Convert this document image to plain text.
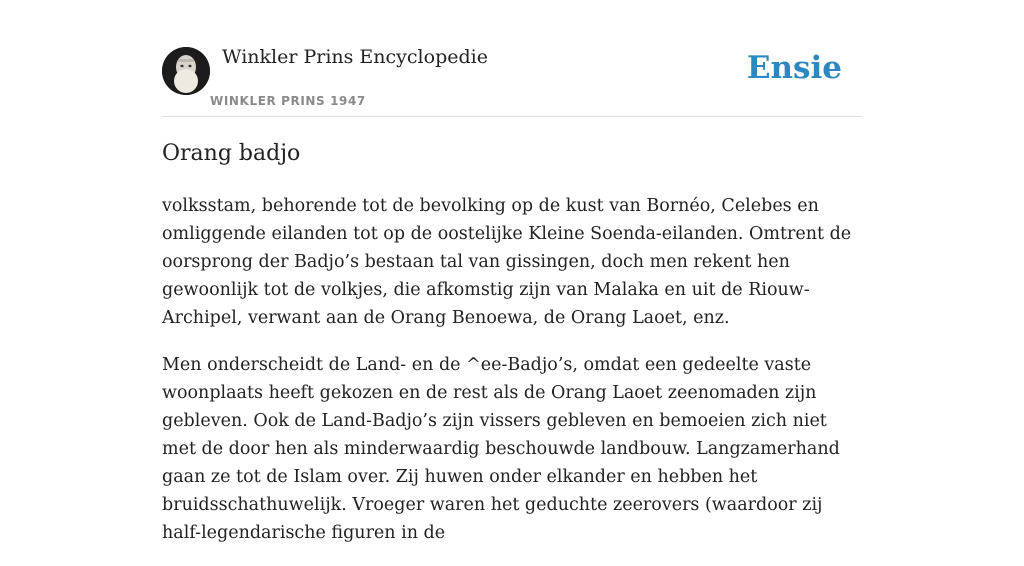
Winkler Prins Encyclopedie
WINKLER PRINS 1947
Ensie
Orang badjo

volksstam, behorende tot de bevolking op de kust van Bornéo, Celebes en omliggende eilanden tot op de oostelijke Kleine Soenda-eilanden. Omtrent de oorsprong der Badjo’s bestaan tal van gissingen, doch men rekent hen gewoonlijk tot de volkjes, die afkomstig zijn van Malaka en uit de Riouw-Archipel, verwant aan de Orang Benoewa, de Orang Laoet, enz.

Men onderscheidt de Land- en de ^ee-Badjo’s, omdat een gedeelte vaste woonplaats heeft gekozen en de rest als de Orang Laoet zeenomaden zijn gebleven. Ook de Land-Badjo’s zijn vissers gebleven en bemoeien zich niet met de door hen als minderwaardig beschouwde landbouw. Langzamerhand gaan ze tot de Islam over. Zij huwen onder elkander en hebben het bruidsschathuwelijk. Vroeger waren het geduchte zeerovers (waardoor zij half-legendarische figuren in de
